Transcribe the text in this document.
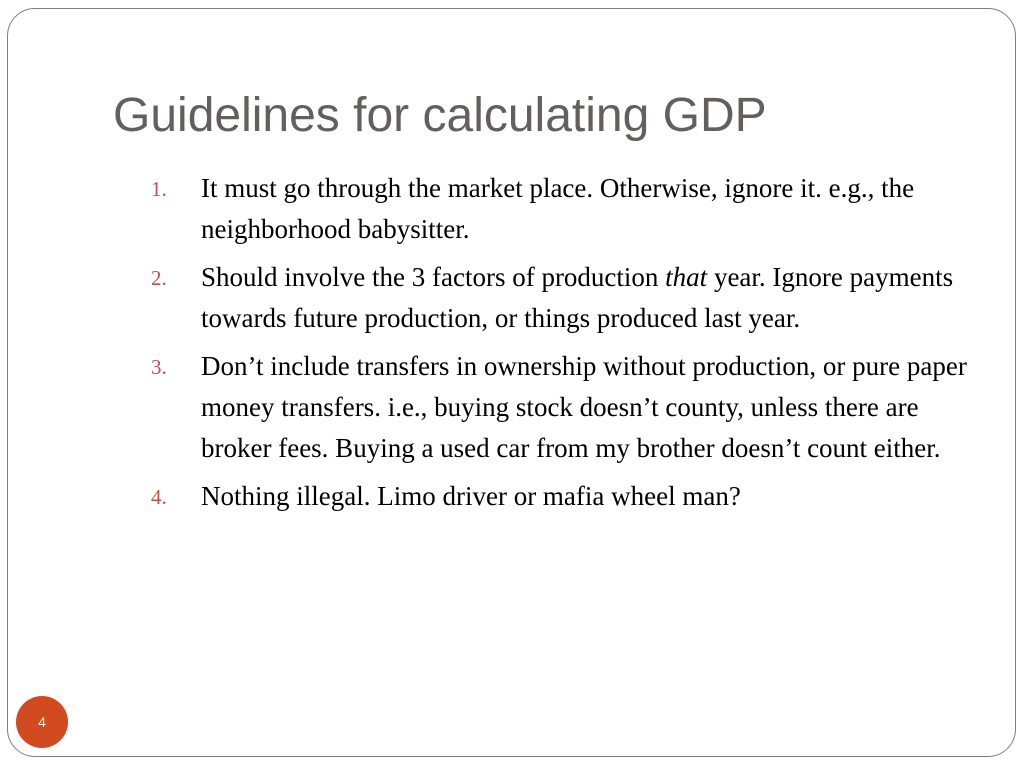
Guidelines for calculating GDP
1. It must go through the market place. Otherwise, ignore it. e.g., the neighborhood babysitter.
2. Should involve the 3 factors of production that year. Ignore payments towards future production, or things produced last year.
3. Don’t include transfers in ownership without production, or pure paper money transfers. i.e., buying stock doesn’t county, unless there are broker fees. Buying a used car from my brother doesn’t count either.
4. Nothing illegal. Limo driver or mafia wheel man?
4
